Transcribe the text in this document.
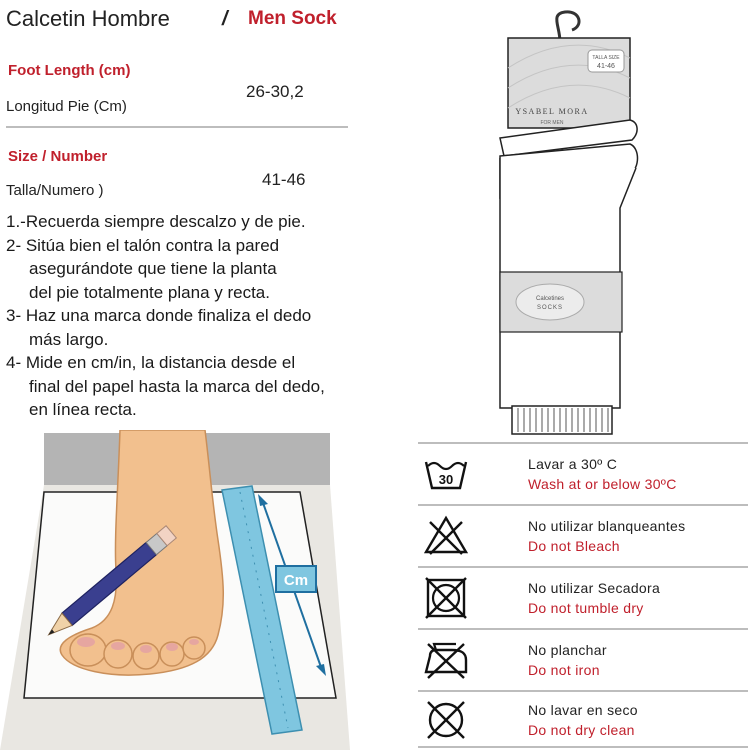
Calcetin Hombre	/ Men Sock
Foot Length (cm)
Longitud Pie (Cm)
26-30,2
Size / Number
Talla/Numero )
41-46
1.-Recuerda siempre descalzo y de pie.
2- Sitúa bien el talón contra la pared
asegurándote que tiene la planta
del pie totalmente plana y recta.
3- Haz una marca donde finaliza el dedo
más largo.
4- Mide en cm/in, la distancia desde el
final del papel hasta la marca del dedo,
en línea recta.
Cm
TALLA SIZE
41-46
YSABEL MORA
FOR MEN
Calcetines
SOCKS
30
Lavar a 30º C
Wash at or below 30ºC
No utilizar blanqueantes
Do not Bleach
No utilizar Secadora
Do not tumble dry
No planchar
Do not iron
No lavar en seco
Do not dry clean
